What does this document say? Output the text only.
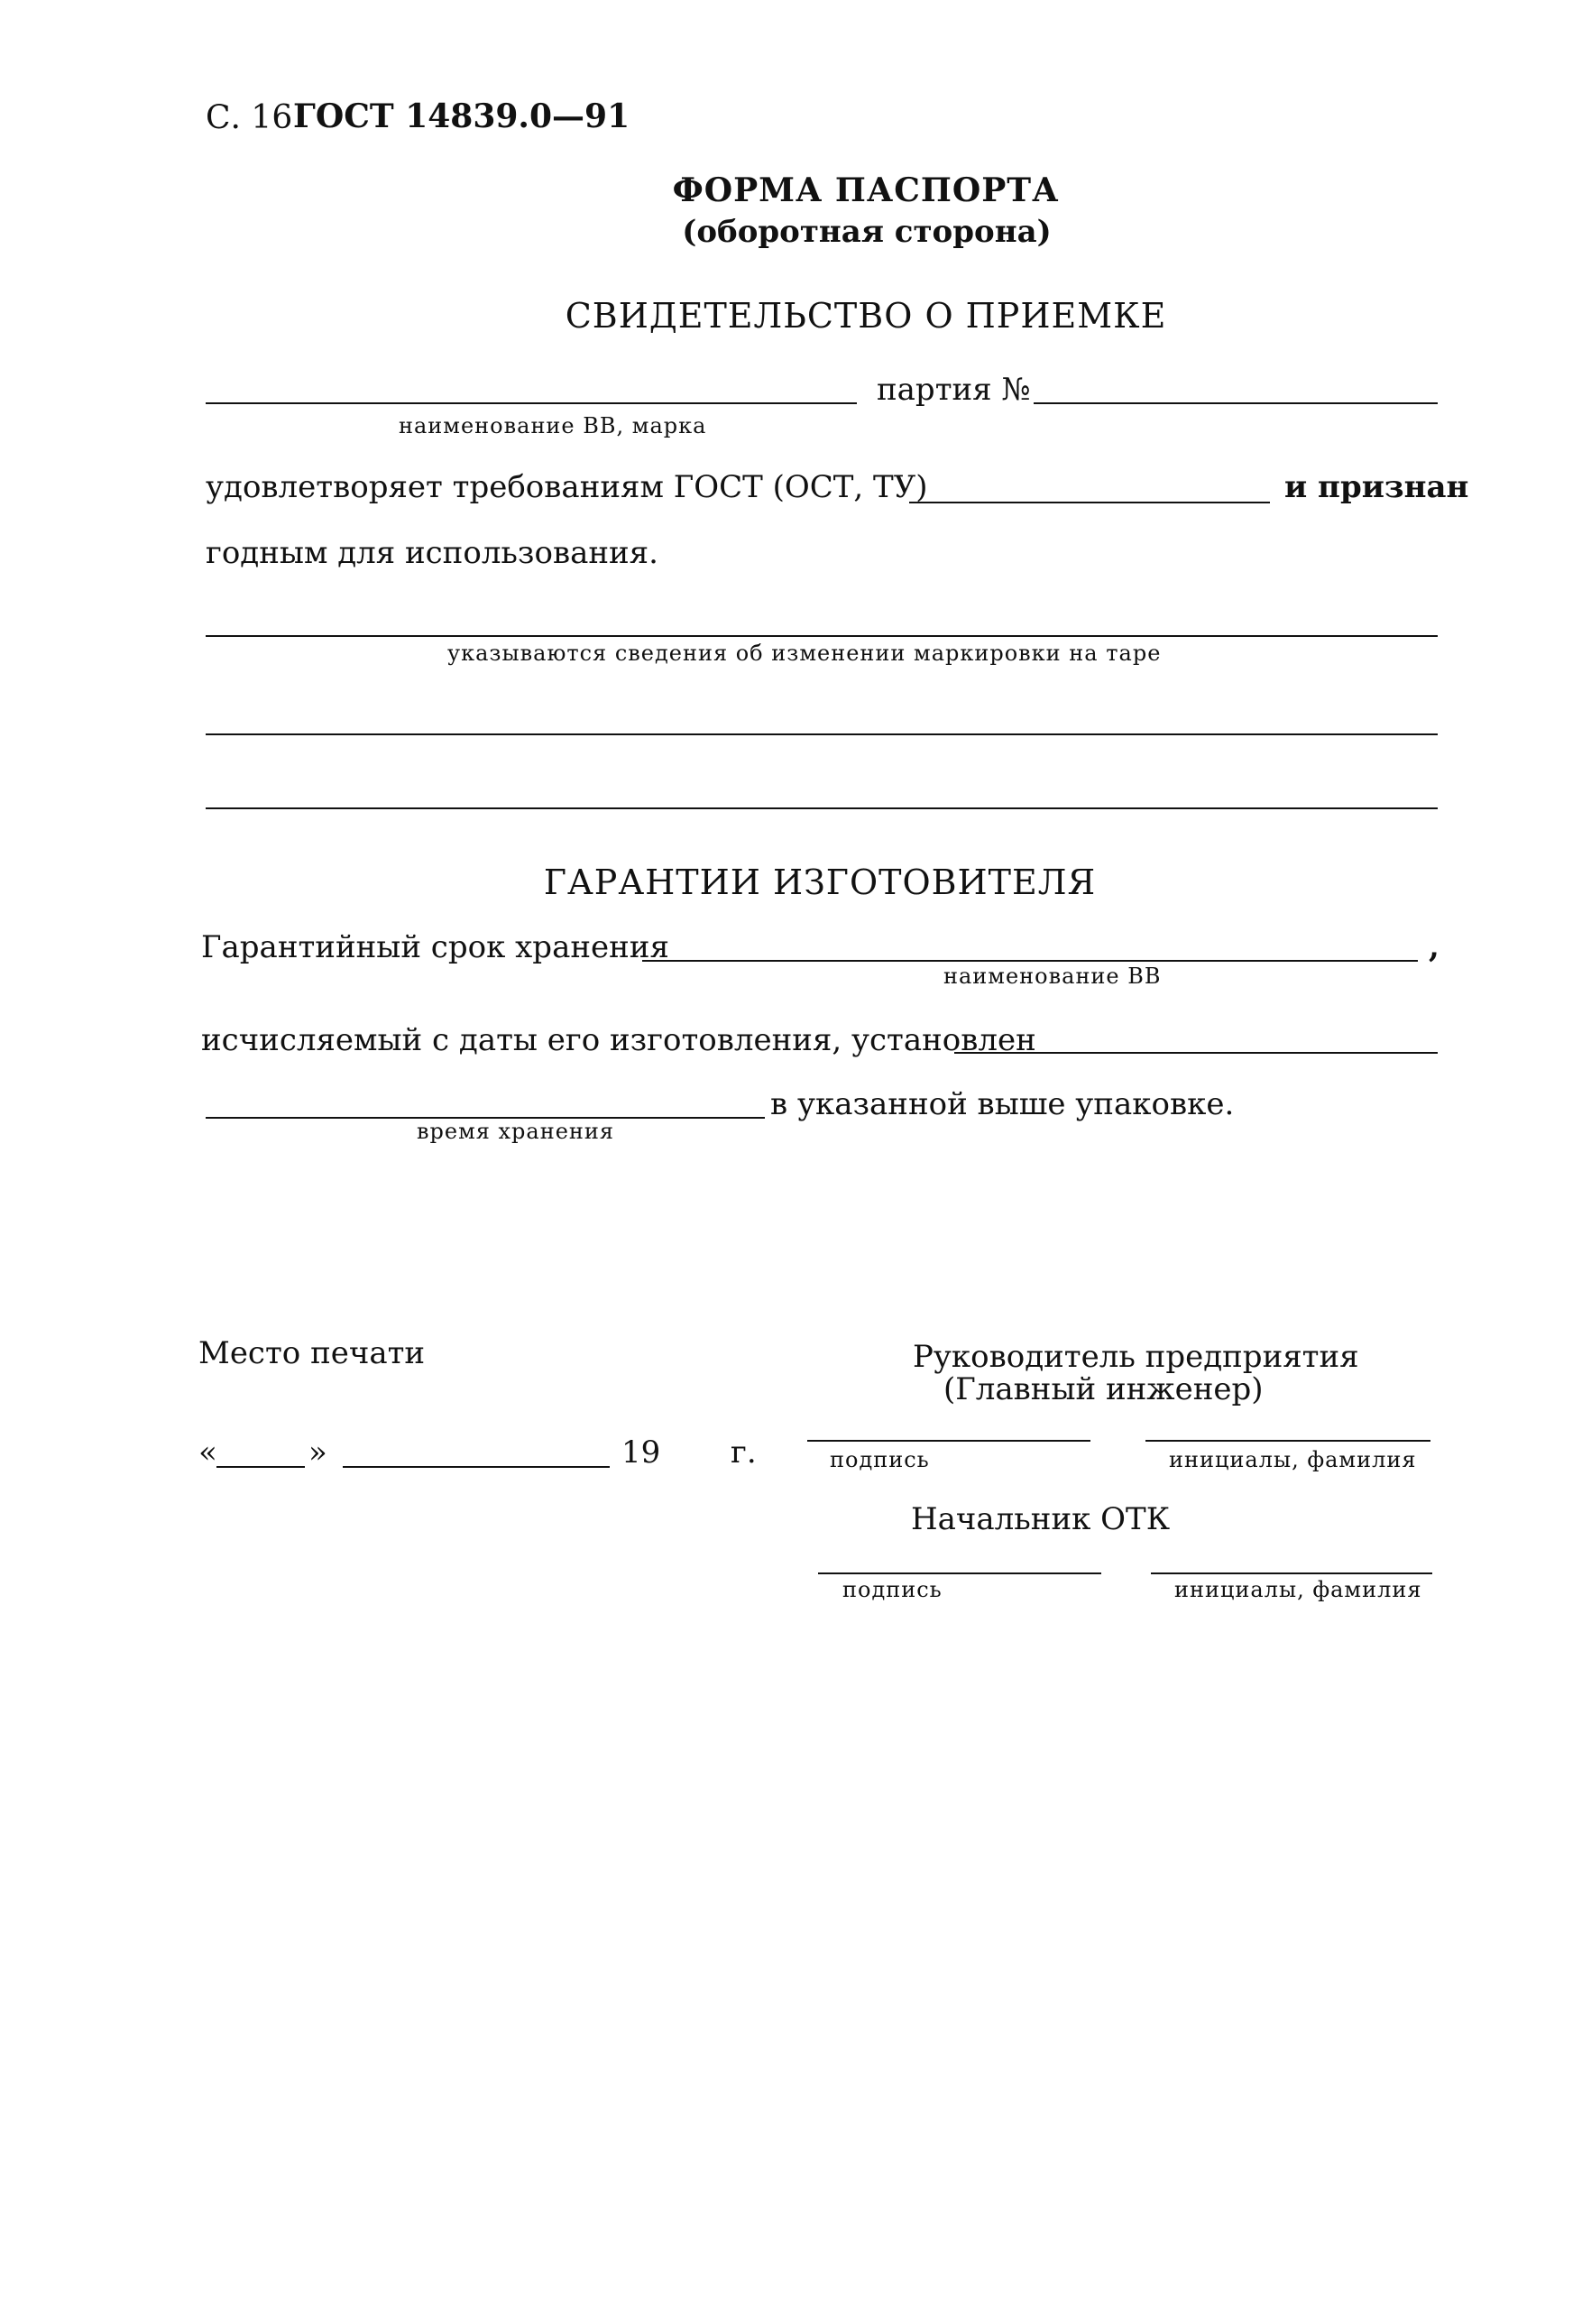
С. 16 ГОСТ 14839.0—91
ФОРМА ПАСПОРТА
(оборотная сторона)
СВИДЕТЕЛЬСТВО О ПРИЕМКЕ
партия №
наименование ВВ, марка
удовлетворяет требованиям ГОСТ (ОСТ, ТУ)	и признан
годным для использования.
указываются сведения об изменении маркировки на таре
ГАРАНТИИ ИЗГОТОВИТЕЛЯ
Гарантийный срок хранения	,
наименование ВВ
исчисляемый с даты его изготовления, установлен
в указанной выше упаковке.
время хранения
Место печати	Руководитель предприятия
(Главный инженер)
«	»	19 г.	подпись	инициалы, фамилия
Начальник ОТК
подпись	инициалы, фамилия
